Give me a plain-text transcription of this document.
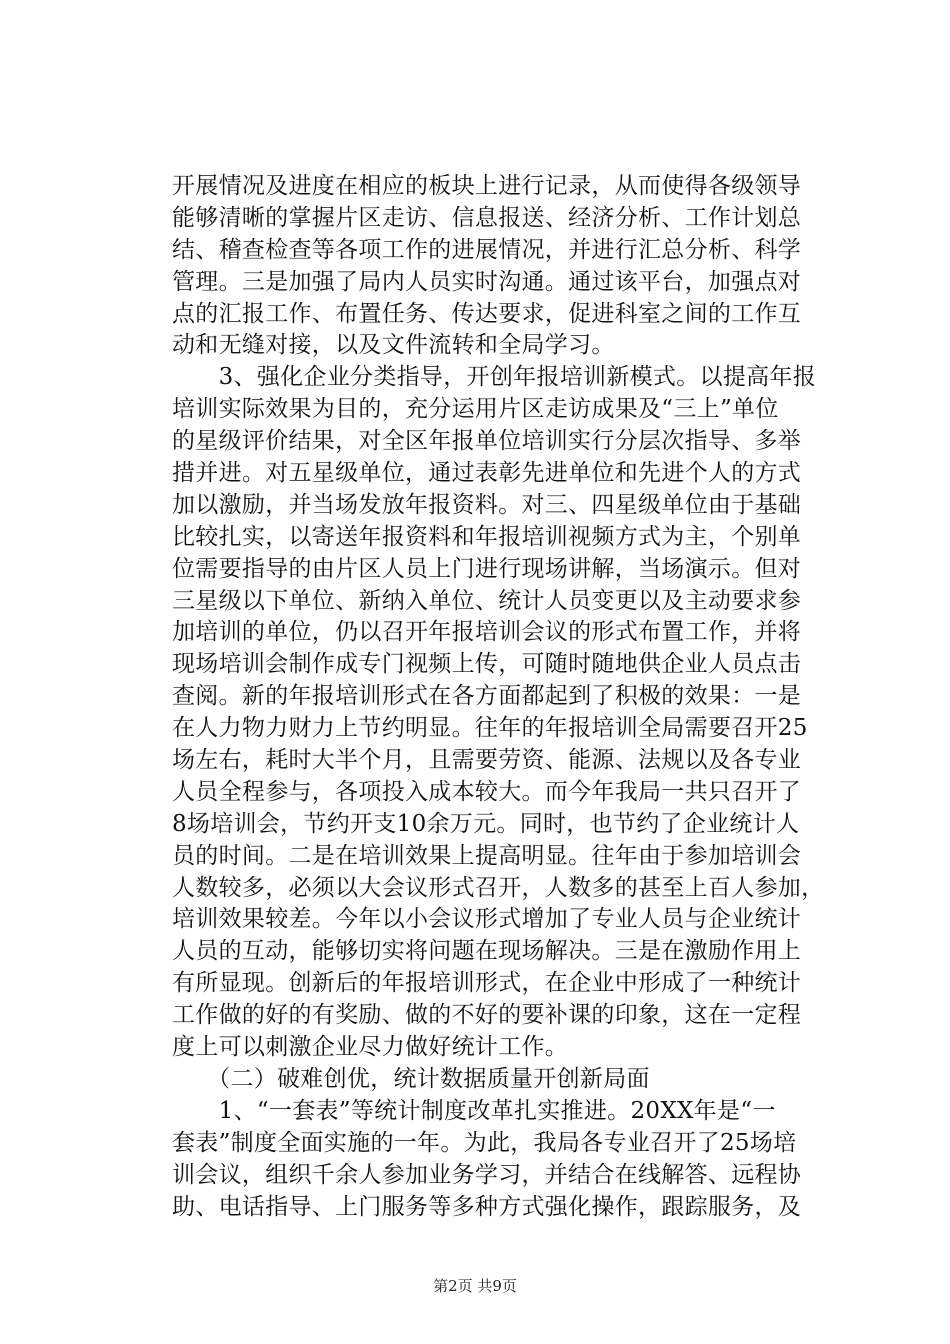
开展情况及进度在相应的板块上进行记录，从而使得各级领导
能够清晰的掌握片区走访、信息报送、经济分析、工作计划总
结、稽查检查等各项工作的进展情况，并进行汇总分析、科学
管理。三是加强了局内人员实时沟通。通过该平台，加强点对
点的汇报工作、布置任务、传达要求，促进科室之间的工作互
动和无缝对接，以及文件流转和全局学习。
　　3、强化企业分类指导，开创年报培训新模式。以提高年报
培训实际效果为目的，充分运用片区走访成果及“三上”单位
的星级评价结果，对全区年报单位培训实行分层次指导、多举
措并进。对五星级单位，通过表彰先进单位和先进个人的方式
加以激励，并当场发放年报资料。对三、四星级单位由于基础
比较扎实，以寄送年报资料和年报培训视频方式为主，个别单
位需要指导的由片区人员上门进行现场讲解，当场演示。但对
三星级以下单位、新纳入单位、统计人员变更以及主动要求参
加培训的单位，仍以召开年报培训会议的形式布置工作，并将
现场培训会制作成专门视频上传，可随时随地供企业人员点击
查阅。新的年报培训形式在各方面都起到了积极的效果：一是
在人力物力财力上节约明显。往年的年报培训全局需要召开25
场左右，耗时大半个月，且需要劳资、能源、法规以及各专业
人员全程参与，各项投入成本较大。而今年我局一共只召开了
8场培训会，节约开支10余万元。同时，也节约了企业统计人
员的时间。二是在培训效果上提高明显。往年由于参加培训会
人数较多，必须以大会议形式召开，人数多的甚至上百人参加，
培训效果较差。今年以小会议形式增加了专业人员与企业统计
人员的互动，能够切实将问题在现场解决。三是在激励作用上
有所显现。创新后的年报培训形式，在企业中形成了一种统计
工作做的好的有奖励、做的不好的要补课的印象，这在一定程
度上可以刺激企业尽力做好统计工作。
　　（二）破难创优，统计数据质量开创新局面
　　1、“一套表”等统计制度改革扎实推进。20XX年是“一
套表”制度全面实施的一年。为此，我局各专业召开了25场培
训会议，组织千余人参加业务学习，并结合在线解答、远程协
助、电话指导、上门服务等多种方式强化操作，跟踪服务，及
第2页 共9页
